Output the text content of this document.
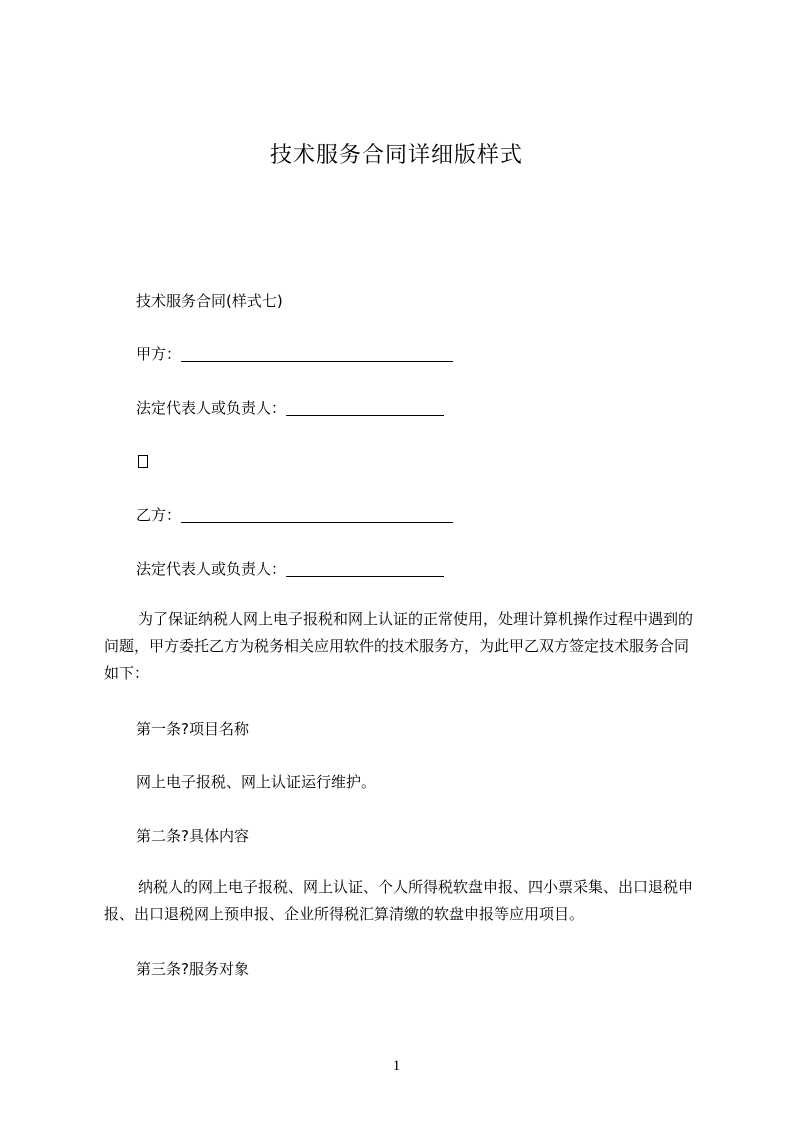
技术服务合同详细版样式
技术服务合同(样式七)
甲方：
法定代表人或负责人：
乙方：
法定代表人或负责人：
为了保证纳税人网上电子报税和网上认证的正常使用，处理计算机操作过程中遇到的问题，甲方委托乙方为税务相关应用软件的技术服务方，为此甲乙双方签定技术服务合同如下：
第一条?项目名称
网上电子报税、网上认证运行维护。
第二条?具体内容
纳税人的网上电子报税、网上认证、个人所得税软盘申报、四小票采集、出口退税申报、出口退税网上预申报、企业所得税汇算清缴的软盘申报等应用项目。
第三条?服务对象
1
